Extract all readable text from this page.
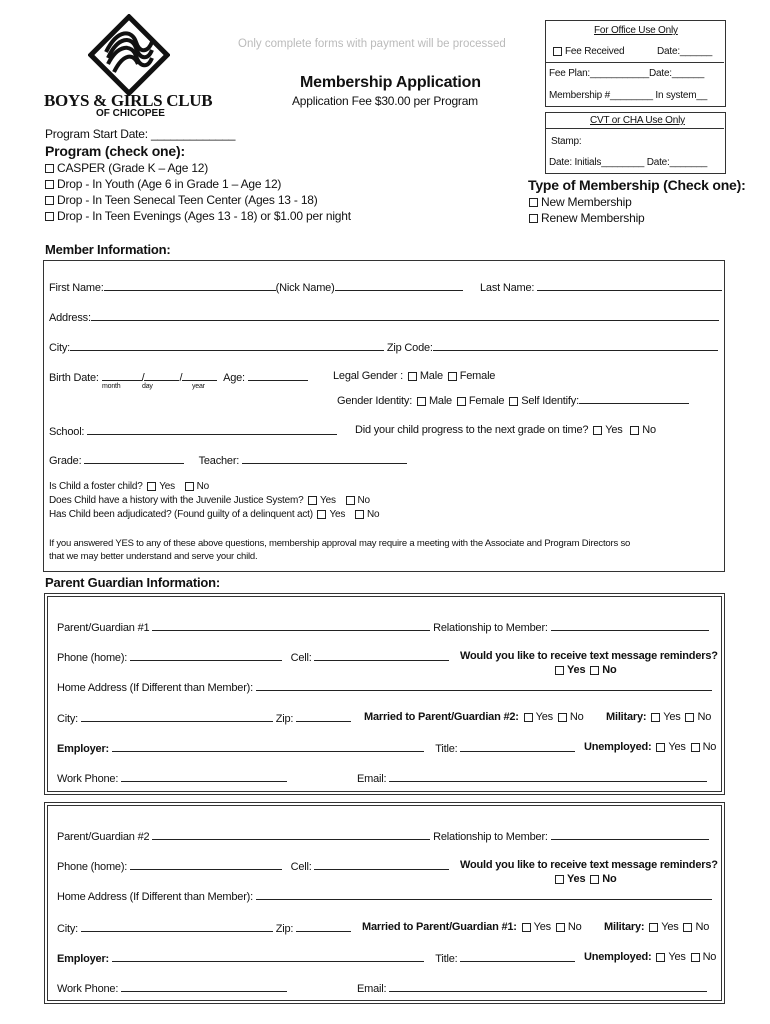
BOYS & GIRLS CLUB
OF CHICOPEE
Only complete forms with payment will be processed
Membership Application
Application Fee $30.00 per Program
For Office Use Only
Fee Received	Date:______
Fee Plan:___________Date:______
Membership #________ In system__
CVT or CHA Use Only
Stamp:
Date: Initials________ Date:_______
Program Start Date: _____________
Program (check one):
CASPER (Grade K – Age 12)
Drop - In Youth (Age 6 in Grade 1 – Age 12)
Drop - In Teen Senecal Teen Center (Ages 13 - 18)
Drop - In Teen Evenings (Ages 13 - 18) or $1.00 per night
Type of Membership (Check one):
New Membership
Renew Membership
Member Information:
First Name:	(Nick Name)	Last Name:
Address:
City:	Zip Code:
Birth Date:	/	/	Age:
month	day	year
Legal Gender : Male Female
Gender Identity: Male Female Self Identify:
School:	Did your child progress to the next grade on time? Yes No
Grade:	Teacher:
Is Child a foster child? Yes No
Does Child have a history with the Juvenile Justice System? Yes No
Has Child been adjudicated? (Found guilty of a delinquent act) Yes No
If you answered YES to any of these above questions, membership approval may require a meeting with the Associate and Program Directors so
that we may better understand and serve your child.
Parent Guardian Information:
Parent/Guardian #1	Relationship to Member:
Phone (home):	Cell:	Would you like to receive text message reminders?
Yes No
Home Address (If Different than Member):
City:	Zip:	Married to Parent/Guardian #2: Yes No Military: Yes No
Employer:	Title:	Unemployed: Yes No
Work Phone:	Email:
Parent/Guardian #2	Relationship to Member:
Phone (home):	Cell:	Would you like to receive text message reminders?
Yes No
Home Address (If Different than Member):
City:	Zip:	Married to Parent/Guardian #1: Yes No Military: Yes No
Employer:	Title:	Unemployed: Yes No
Work Phone:	Email:
